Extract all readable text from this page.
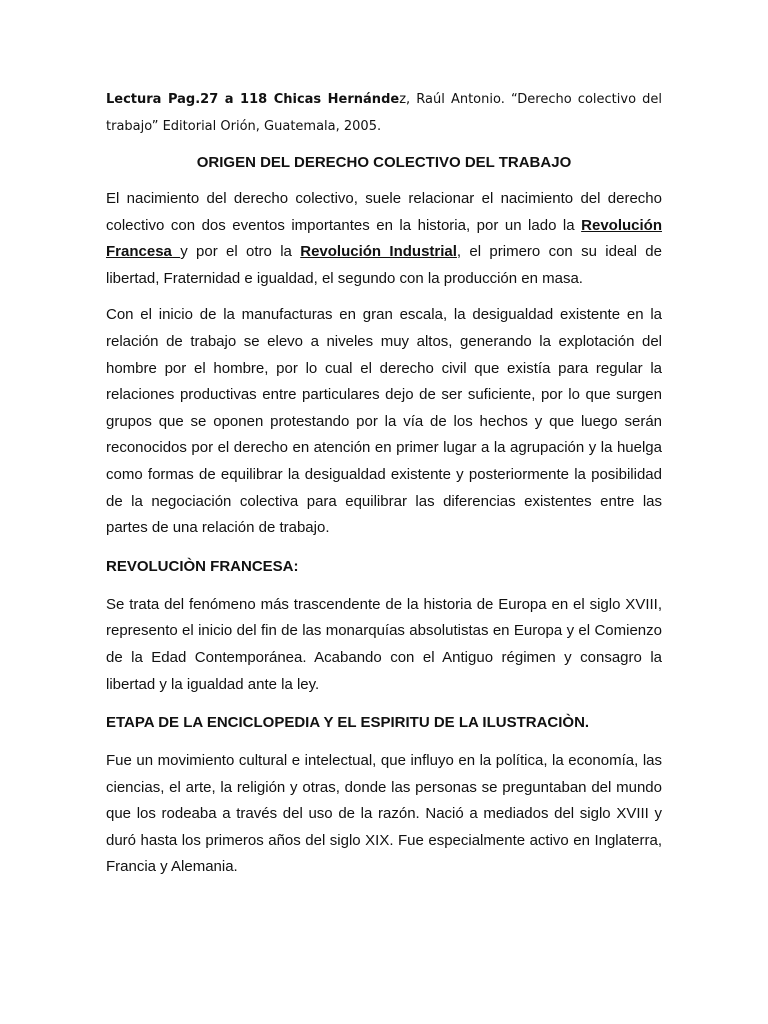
Lectura Pag.27 a 118 Chicas Hernández, Raúl Antonio. “Derecho colectivo del trabajo” Editorial Orión, Guatemala, 2005.

ORIGEN DEL DERECHO COLECTIVO DEL TRABAJO

El nacimiento del derecho colectivo, suele relacionar el nacimiento del derecho colectivo con dos eventos importantes en la historia, por un lado la Revolución Francesa y por el otro la Revolución Industrial, el primero con su ideal de libertad, Fraternidad e igualdad, el segundo con la producción en masa.

Con el inicio de la manufacturas en gran escala, la desigualdad existente en la relación de trabajo se elevo a niveles muy altos, generando la explotación del hombre por el hombre, por lo cual el derecho civil que existía para regular la relaciones productivas entre particulares dejo de ser suficiente, por lo que surgen grupos que se oponen protestando por la vía de los hechos y que luego serán reconocidos por el derecho en atención en primer lugar a la agrupación y la huelga como formas de equilibrar la desigualdad existente y posteriormente la posibilidad de la negociación colectiva para equilibrar las diferencias existentes entre las partes de una relación de trabajo.

REVOLUCIÒN FRANCESA:

Se trata del fenómeno más trascendente de la historia de Europa en el siglo XVIII, represento el inicio del fin de las monarquías absolutistas en Europa y el Comienzo de la Edad Contemporánea. Acabando con el Antiguo régimen y consagro la libertad y la igualdad ante la ley.

ETAPA DE LA ENCICLOPEDIA Y EL ESPIRITU DE LA ILUSTRACIÒN.

Fue un movimiento cultural e intelectual, que influyo en la política, la economía, las ciencias, el arte, la religión y otras, donde las personas se preguntaban del mundo que los rodeaba a través del uso de la razón. Nació a mediados del siglo XVIII y duró hasta los primeros años del siglo XIX. Fue especialmente activo en Inglaterra, Francia y Alemania.
